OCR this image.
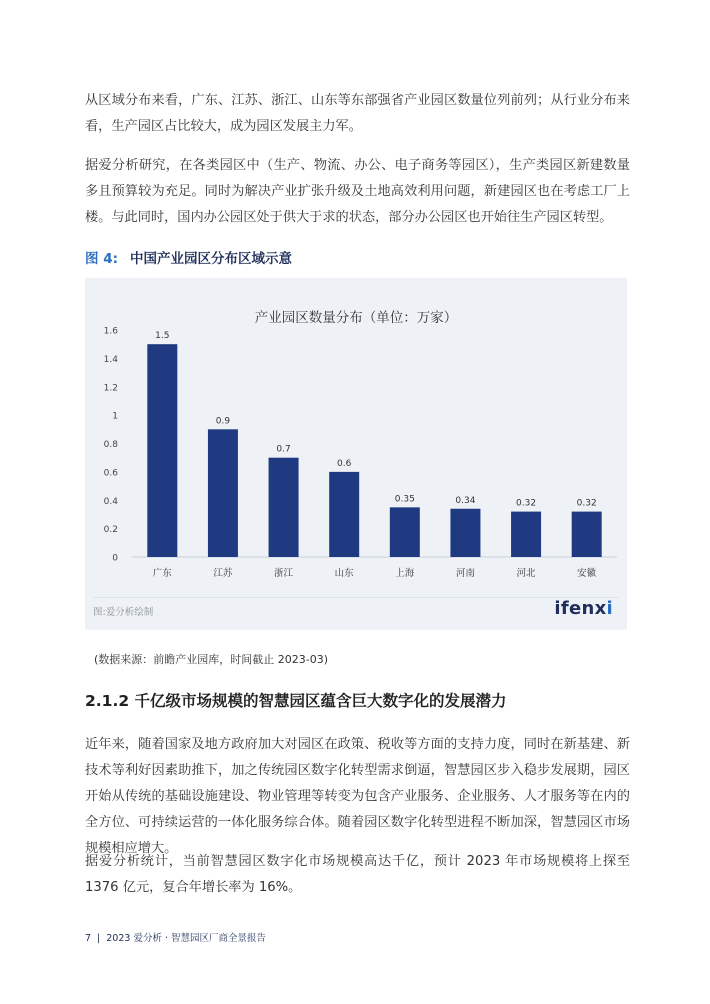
从区域分布来看，广东、江苏、浙江、山东等东部强省产业园区数量位列前列；从行业分布来看，生产园区占比较大，成为园区发展主力军。

据爱分析研究，在各类园区中（生产、物流、办公、电子商务等园区），生产类园区新建数量多且预算较为充足。同时为解决产业扩张升级及土地高效利用问题，新建园区也在考虑工厂上楼。与此同时，国内办公园区处于供大于求的状态，部分办公园区也开始往生产园区转型。

图 4: 中国产业园区分布区域示意
产业园区数量分布（单位：万家）
0
0.2
0.4
0.6
0.8
1
1.2
1.4
1.6	1.5
广东
0.9
江苏
0.7
浙江
0.6
山东
0.35
上海
0.34
河南
0.32
河北
0.32
安徽
图:爱分析绘制	ifenxi
(数据来源：前瞻产业园库，时间截止 2023-03)
2.1.2 千亿级市场规模的智慧园区蕴含巨大数字化的发展潜力

近年来，随着国家及地方政府加大对园区在政策、税收等方面的支持力度，同时在新基建、新技术等利好因素助推下，加之传统园区数字化转型需求倒逼，智慧园区步入稳步发展期，园区开始从传统的基础设施建设、物业管理等转变为包含产业服务、企业服务、人才服务等在内的全方位、可持续运营的一体化服务综合体。随着园区数字化转型进程不断加深，智慧园区市场规模相应增大。

据爱分析统计，当前智慧园区数字化市场规模高达千亿，预计 2023 年市场规模将上探至 1376 亿元，复合年增长率为 16%。

7 | 2023 爱分析 · 智慧园区厂商全景报告
